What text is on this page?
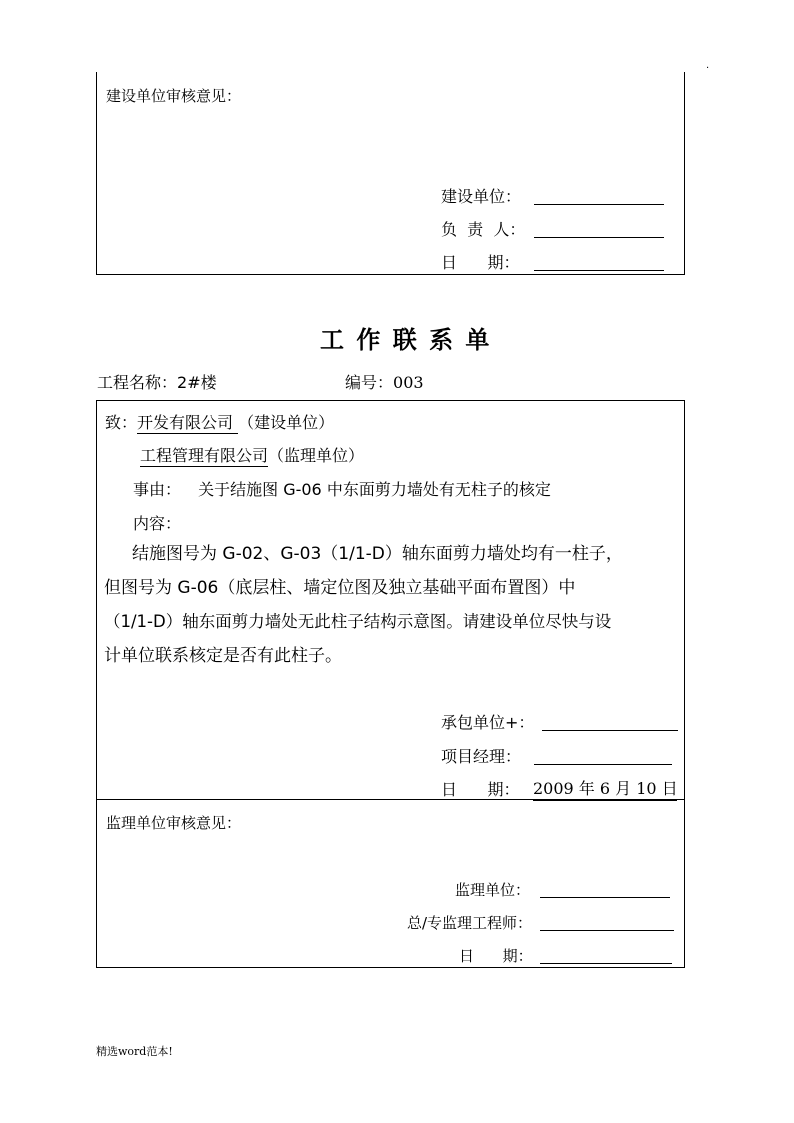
.
建设单位审核意见：
建设单位：
负  责  人：
日      期：
工 作 联 系 单
工程名称：2#楼	编号：003
致：开发有限公司 （建设单位）
工程管理有限公司（监理单位）
事由： 关于结施图 G-06 中东面剪力墙处有无柱子的核定
内容：
结施图号为 G-02、G-03（1/1-D）轴东面剪力墙处均有一柱子，
但图号为 G-06（底层柱、墙定位图及独立基础平面布置图）中
（1/1-D）轴东面剪力墙处无此柱子结构示意图。请建设单位尽快与设
计单位联系核定是否有此柱子。
承包单位+：
项目经理：
日      期： 2009 年 6 月 10 日
监理单位审核意见：
监理单位：
总/专监理工程师：
日      期：
精选word范本!
